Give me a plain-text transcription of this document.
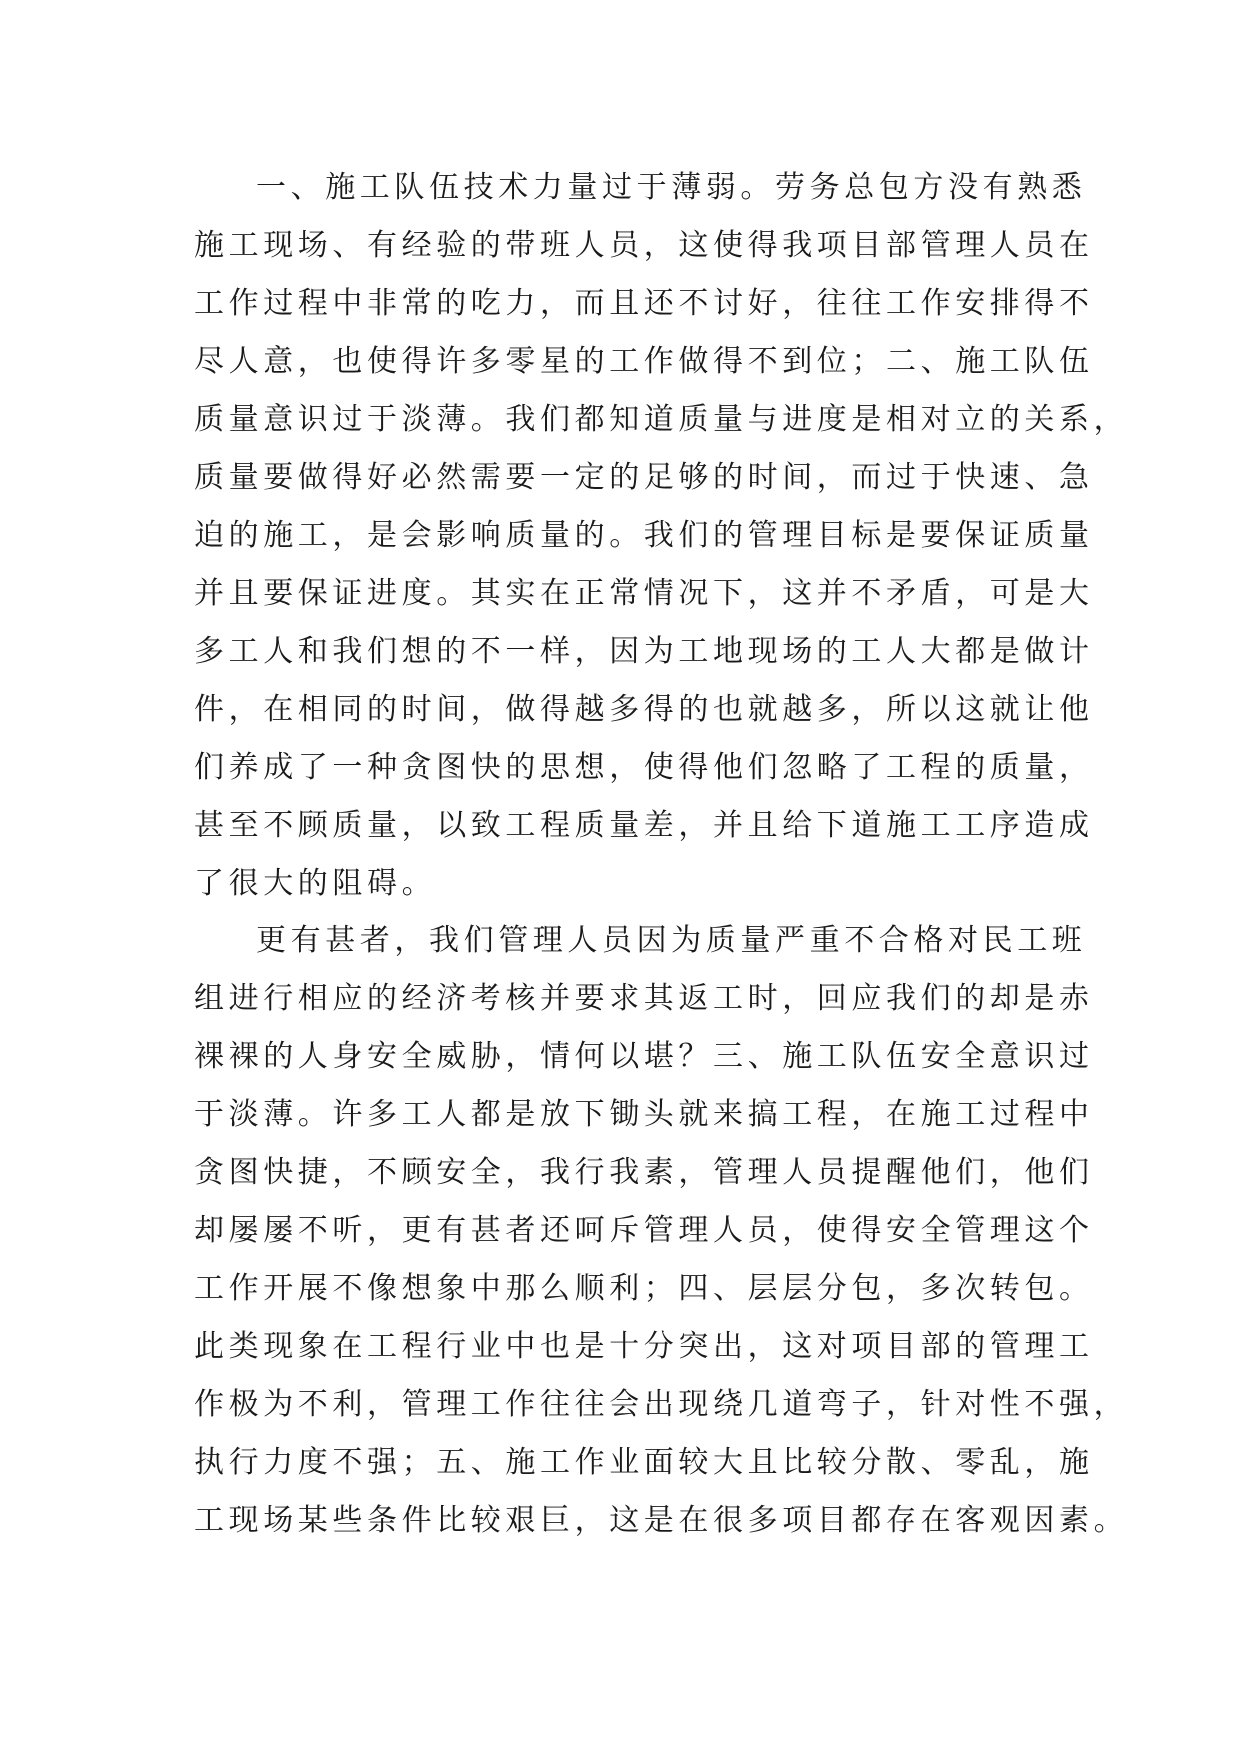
一、施工队伍技术力量过于薄弱。劳务总包方没有熟悉
施工现场、有经验的带班人员，这使得我项目部管理人员在
工作过程中非常的吃力，而且还不讨好，往往工作安排得不
尽人意，也使得许多零星的工作做得不到位；二、施工队伍
质量意识过于淡薄。我们都知道质量与进度是相对立的关系，
质量要做得好必然需要一定的足够的时间，而过于快速、急
迫的施工，是会影响质量的。我们的管理目标是要保证质量
并且要保证进度。其实在正常情况下，这并不矛盾，可是大
多工人和我们想的不一样，因为工地现场的工人大都是做计
件，在相同的时间，做得越多得的也就越多，所以这就让他
们养成了一种贪图快的思想，使得他们忽略了工程的质量，
甚至不顾质量，以致工程质量差，并且给下道施工工序造成
了很大的阻碍。
更有甚者，我们管理人员因为质量严重不合格对民工班
组进行相应的经济考核并要求其返工时，回应我们的却是赤
裸裸的人身安全威胁，情何以堪？三、施工队伍安全意识过
于淡薄。许多工人都是放下锄头就来搞工程，在施工过程中
贪图快捷，不顾安全，我行我素，管理人员提醒他们，他们
却屡屡不听，更有甚者还呵斥管理人员，使得安全管理这个
工作开展不像想象中那么顺利；四、层层分包，多次转包。
此类现象在工程行业中也是十分突出，这对项目部的管理工
作极为不利，管理工作往往会出现绕几道弯子，针对性不强，
执行力度不强；五、施工作业面较大且比较分散、零乱，施
工现场某些条件比较艰巨，这是在很多项目都存在客观因素。
